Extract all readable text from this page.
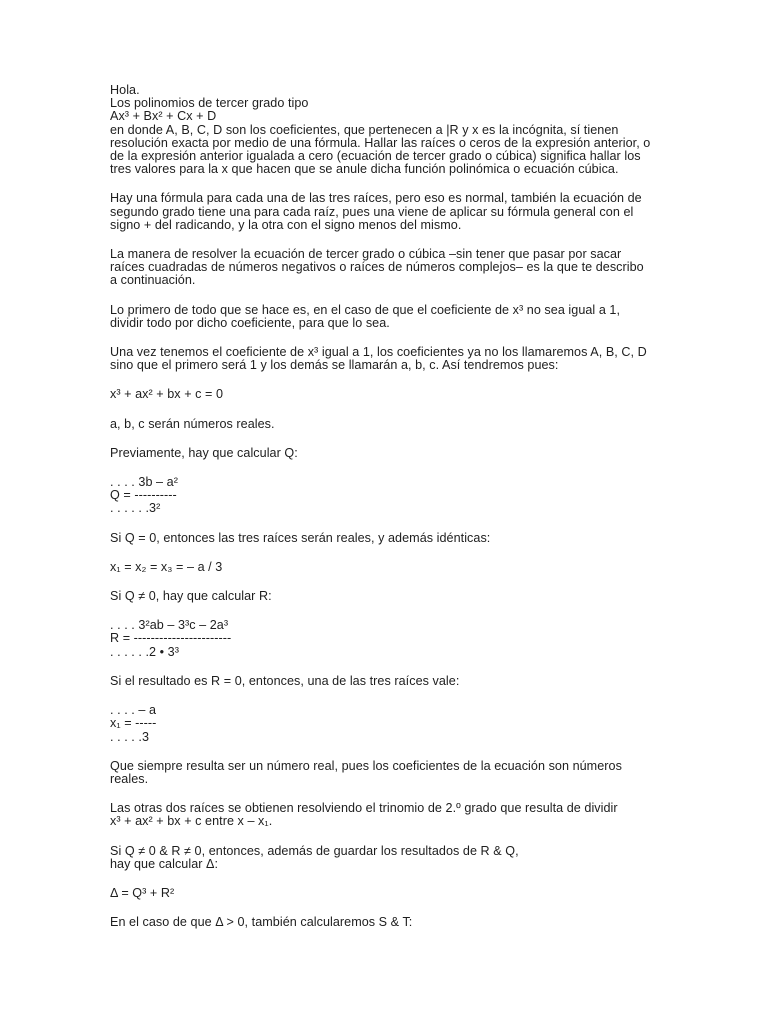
Hola.
Los polinomios de tercer grado tipo
Ax³ + Bx² + Cx + D
en donde A, B, C, D son los coeficientes, que pertenecen a |R y x es la incógnita, sí tienen
resolución exacta por medio de una fórmula. Hallar las raíces o ceros de la expresión anterior, o
de la expresión anterior igualada a cero (ecuación de tercer grado o cúbica) significa hallar los
tres valores para la x que hacen que se anule dicha función polinómica o ecuación cúbica.
Hay una fórmula para cada una de las tres raíces, pero eso es normal, también la ecuación de
segundo grado tiene una para cada raíz, pues una viene de aplicar su fórmula general con el
signo + del radicando, y la otra con el signo menos del mismo.
La manera de resolver la ecuación de tercer grado o cúbica –sin tener que pasar por sacar
raíces cuadradas de números negativos o raíces de números complejos– es la que te describo
a continuación.
Lo primero de todo que se hace es, en el caso de que el coeficiente de x³ no sea igual a 1,
dividir todo por dicho coeficiente, para que lo sea.
Una vez tenemos el coeficiente de x³ igual a 1, los coeficientes ya no los llamaremos A, B, C, D
sino que el primero será 1 y los demás se llamarán a, b, c. Así tendremos pues:
x³ + ax² + bx + c = 0
a, b, c serán números reales.
Previamente, hay que calcular Q:
. . . . 3b – a²
Q = ----------
. . . . . .3²
Si Q = 0, entonces las tres raíces serán reales, y además idénticas:
x₁ = x₂ = x₃ = – a / 3
Si Q ≠ 0, hay que calcular R:
. . . . 3²ab – 3³c – 2a³
R = -----------------------
. . . . . .2 • 3³
Si el resultado es R = 0, entonces, una de las tres raíces vale:
. . . . – a
x₁ = -----
. . . . .3
Que siempre resulta ser un número real, pues los coeficientes de la ecuación son números
reales.
Las otras dos raíces se obtienen resolviendo el trinomio de 2.º grado que resulta de dividir
x³ + ax² + bx + c entre x – x₁.
Si Q ≠ 0 & R ≠ 0, entonces, además de guardar los resultados de R & Q,
hay que calcular Δ:
Δ = Q³ + R²
En el caso de que Δ > 0, también calcularemos S & T:
